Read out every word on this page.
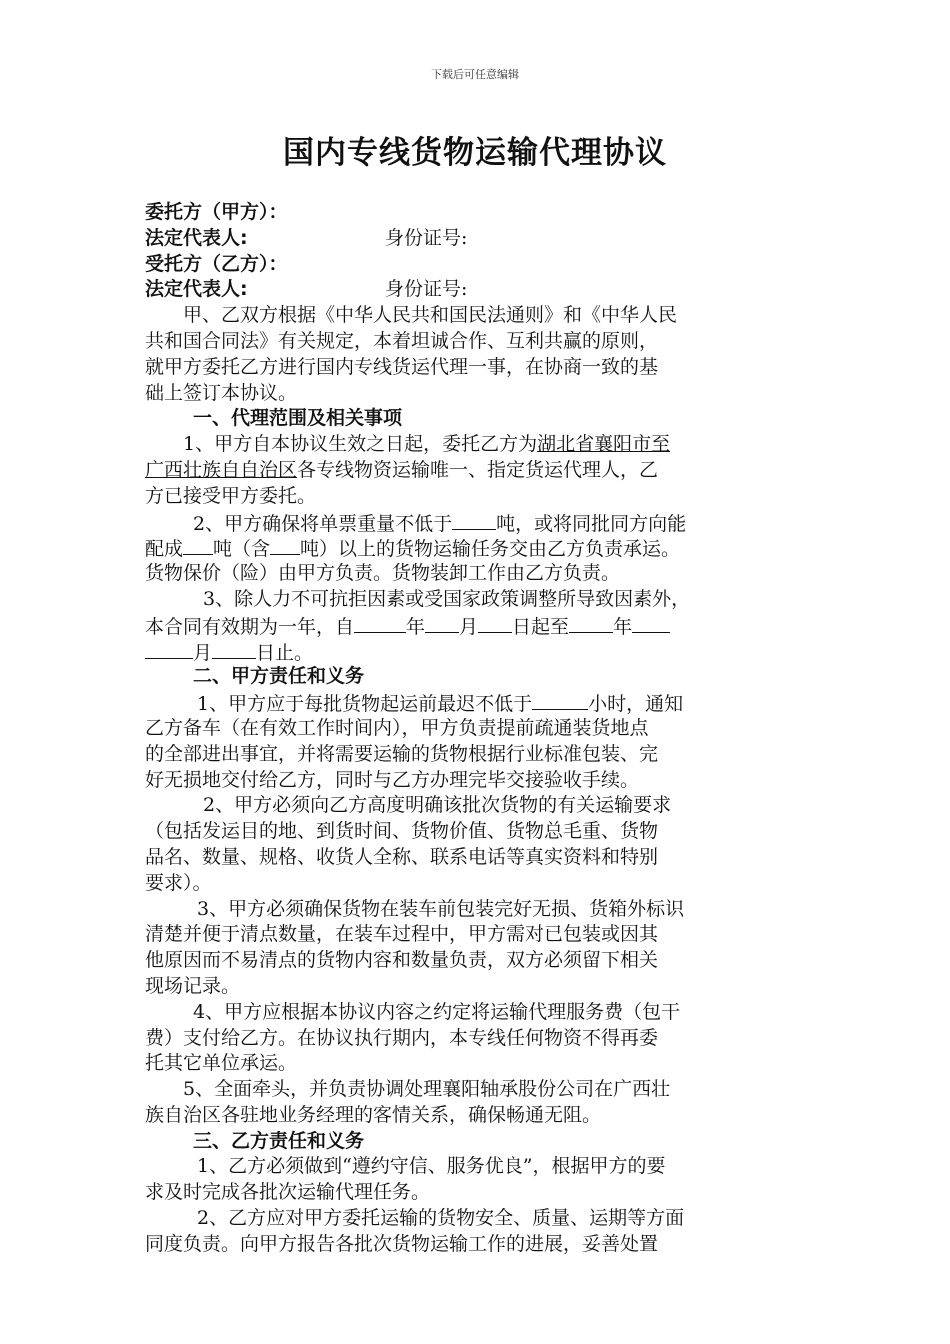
下载后可任意编辑
国内专线货物运输代理协议
委托方（甲方）：
法定代表人:	身份证号:
受托方（乙方）：
法定代表人:	身份证号:
甲、乙双方根据《中华人民共和国民法通则》和《中华人民
共和国合同法》有关规定，本着坦诚合作、互利共赢的原则，
就甲方委托乙方进行国内专线货运代理一事，在协商一致的基
础上签订本协议。
一、代理范围及相关事项
1、甲方自本协议生效之日起，委托乙方为湖北省襄阳市至
广西壮族自自治区各专线物资运输唯一、指定货运代理人，乙
方已接受甲方委托。
2、甲方确保将单票重量不低于 吨，或将同批同方向能
配成 吨（含 吨）以上的货物运输任务交由乙方负责承运。
货物保价（险）由甲方负责。货物装卸工作由乙方负责。
3、除人力不可抗拒因素或受国家政策调整所导致因素外，
本合同有效期为一年，自	年 月 日起至 年
月 日止。
二、甲方责任和义务
1、甲方应于每批货物起运前最迟不低于	小时，通知
乙方备车（在有效工作时间内），甲方负责提前疏通装货地点
的全部进出事宜，并将需要运输的货物根据行业标准包装、完
好无损地交付给乙方，同时与乙方办理完毕交接验收手续。
2、甲方必须向乙方高度明确该批次货物的有关运输要求
（包括发运目的地、到货时间、货物价值、货物总毛重、货物
品名、数量、规格、收货人全称、联系电话等真实资料和特别
要求）。
3、甲方必须确保货物在装车前包装完好无损、货箱外标识
清楚并便于清点数量，在装车过程中，甲方需对已包装或因其
他原因而不易清点的货物内容和数量负责，双方必须留下相关
现场记录。
4、甲方应根据本协议内容之约定将运输代理服务费（包干
费）支付给乙方。在协议执行期内，本专线任何物资不得再委
托其它单位承运。
5、全面牵头，并负责协调处理襄阳轴承股份公司在广西壮
族自治区各驻地业务经理的客情关系，确保畅通无阻。
三、乙方责任和义务
1、乙方必须做到“遵约守信、服务优良”，根据甲方的要
求及时完成各批次运输代理任务。
2、乙方应对甲方委托运输的货物安全、质量、运期等方面
同度负责。向甲方报告各批次货物运输工作的进展，妥善处置
